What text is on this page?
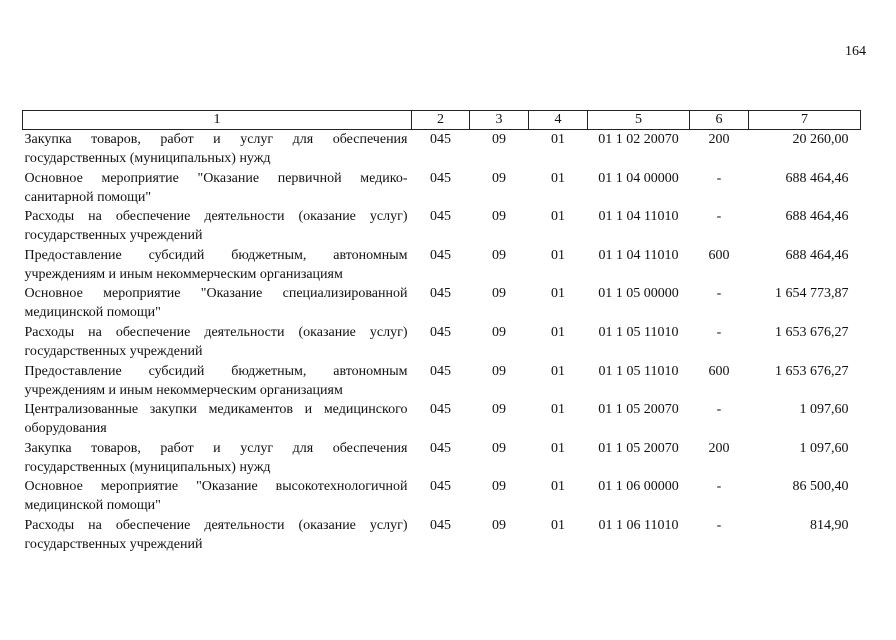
164
1	2	3	4	5	6	7
Закупка товаров, работ и услуг для обеспечения государственных (муниципальных) нужд	045	09	01	01 1 02 20070	200	20 260,00
Основное мероприятие "Оказание первичной медико-санитарной помощи"	045	09	01	01 1 04 00000	-	688 464,46
Расходы на обеспечение деятельности (оказание услуг) государственных учреждений	045	09	01	01 1 04 11010	-	688 464,46
Предоставление субсидий бюджетным, автономным учреждениям и иным некоммерческим организациям	045	09	01	01 1 04 11010	600	688 464,46
Основное мероприятие "Оказание специализированной медицинской помощи"	045	09	01	01 1 05 00000	-	1 654 773,87
Расходы на обеспечение деятельности (оказание услуг) государственных учреждений	045	09	01	01 1 05 11010	-	1 653 676,27
Предоставление субсидий бюджетным, автономным учреждениям и иным некоммерческим организациям	045	09	01	01 1 05 11010	600	1 653 676,27
Централизованные закупки медикаментов и медицинского оборудования	045	09	01	01 1 05 20070	-	1 097,60
Закупка товаров, работ и услуг для обеспечения государственных (муниципальных) нужд	045	09	01	01 1 05 20070	200	1 097,60
Основное мероприятие "Оказание высокотехнологичной медицинской помощи"	045	09	01	01 1 06 00000	-	86 500,40
Расходы на обеспечение деятельности (оказание услуг) государственных учреждений	045	09	01	01 1 06 11010	-	814,90
